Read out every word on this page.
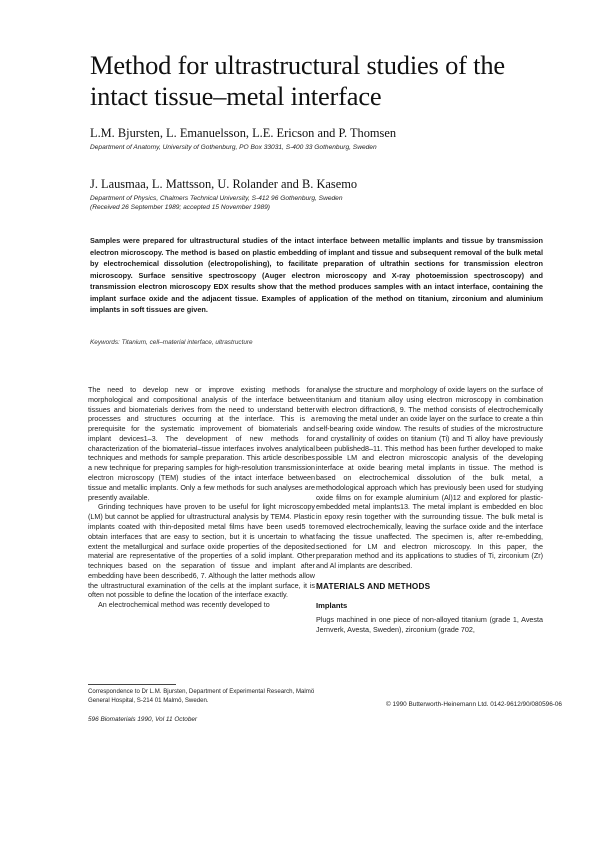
Method for ultrastructural studies of the intact tissue–metal interface

L.M. Bjursten, L. Emanuelsson, L.E. Ericson and P. Thomsen

Department of Anatomy, University of Gothenburg, PO Box 33031, S-400 33 Gothenburg, Sweden

J. Lausmaa, L. Mattsson, U. Rolander and B. Kasemo

Department of Physics, Chalmers Technical University, S-412 96 Gothenburg, Sweden

(Received 26 September 1989; accepted 15 November 1989)

Samples were prepared for ultrastructural studies of the intact interface between metallic implants and tissue by transmission electron microscopy. The method is based on plastic embedding of implant and tissue and subsequent removal of the bulk metal by electrochemical dissolution (electropolishing), to facilitate preparation of ultrathin sections for transmission electron microscopy. Surface sensitive spectroscopy (Auger electron microscopy and X-ray photoemission spectroscopy) and transmission electron microscopy EDX results show that the method produces samples with an intact interface, containing the implant surface oxide and the adjacent tissue. Examples of application of the method on titanium, zirconium and aluminium implants in soft tissues are given.

Keywords: Titanium, cell–material interface, ultrastructure

The need to develop new or improve existing methods for morphological and compositional analysis of the interface between tissues and biomaterials derives from the need to understand better processes and structures occurring at the interface. This is a prerequisite for the systematic improvement of biomaterials and implant devices1–3. The development of new methods for characterization of the biomaterial–tissue interfaces involves analytical techniques and methods for sample preparation. This article describes a new technique for preparing samples for high-resolution transmission electron microscopy (TEM) studies of the intact interface between tissue and metallic implants. Only a few methods for such analyses are presently available.

Grinding techniques have proven to be useful for light microscopy (LM) but cannot be applied for ultrastructural analysis by TEM4. Plastic implants coated with thin-deposited metal films have been used5 to obtain interfaces that are easy to section, but it is uncertain to what extent the metallurgical and surface oxide properties of the deposited material are representative of the properties of a solid implant. Other techniques based on the separation of tissue and implant after embedding have been described6, 7. Although the latter methods allow the ultrastructural examination of the cells at the implant surface, it is often not possible to define the location of the interface exactly.

An electrochemical method was recently developed to

analyse the structure and morphology of oxide layers on the surface of titanium and titanium alloy using electron microscopy in combination with electron diffraction8, 9. The method consists of electrochemically removing the metal under an oxide layer on the surface to create a thin self-bearing oxide window. The results of studies of the microstructure and crystallinity of oxides on titanium (Ti) and Ti alloy have previously been published8–11. This method has been further developed to make possible LM and electron microscopic analysis of the developing interface at oxide bearing metal implants in tissue. The method is based on electrochemical dissolution of the bulk metal, a methodological approach which has previously been used for studying oxide films on for example aluminium (Al)12 and explored for plastic-embedded metal implants13. The metal implant is embedded en bloc in epoxy resin together with the surrounding tissue. The bulk metal is removed electrochemically, leaving the surface oxide and the interface facing the tissue unaffected. The specimen is, after re-embedding, sectioned for LM and electron microscopy. In this paper, the preparation method and its applications to studies of Ti, zirconium (Zr) and Al implants are described.

MATERIALS AND METHODS
Implants

Plugs machined in one piece of non-alloyed titanium (grade 1, Avesta Jernverk, Avesta, Sweden), zirconium (grade 702,

Correspondence to Dr L.M. Bjursten, Department of Experimental Research, Malmö General Hospital, S-214 01 Malmö, Sweden.

© 1990 Butterworth-Heinemann Ltd. 0142-9612/90/080596-06

596 Biomaterials 1990, Vol 11 October
